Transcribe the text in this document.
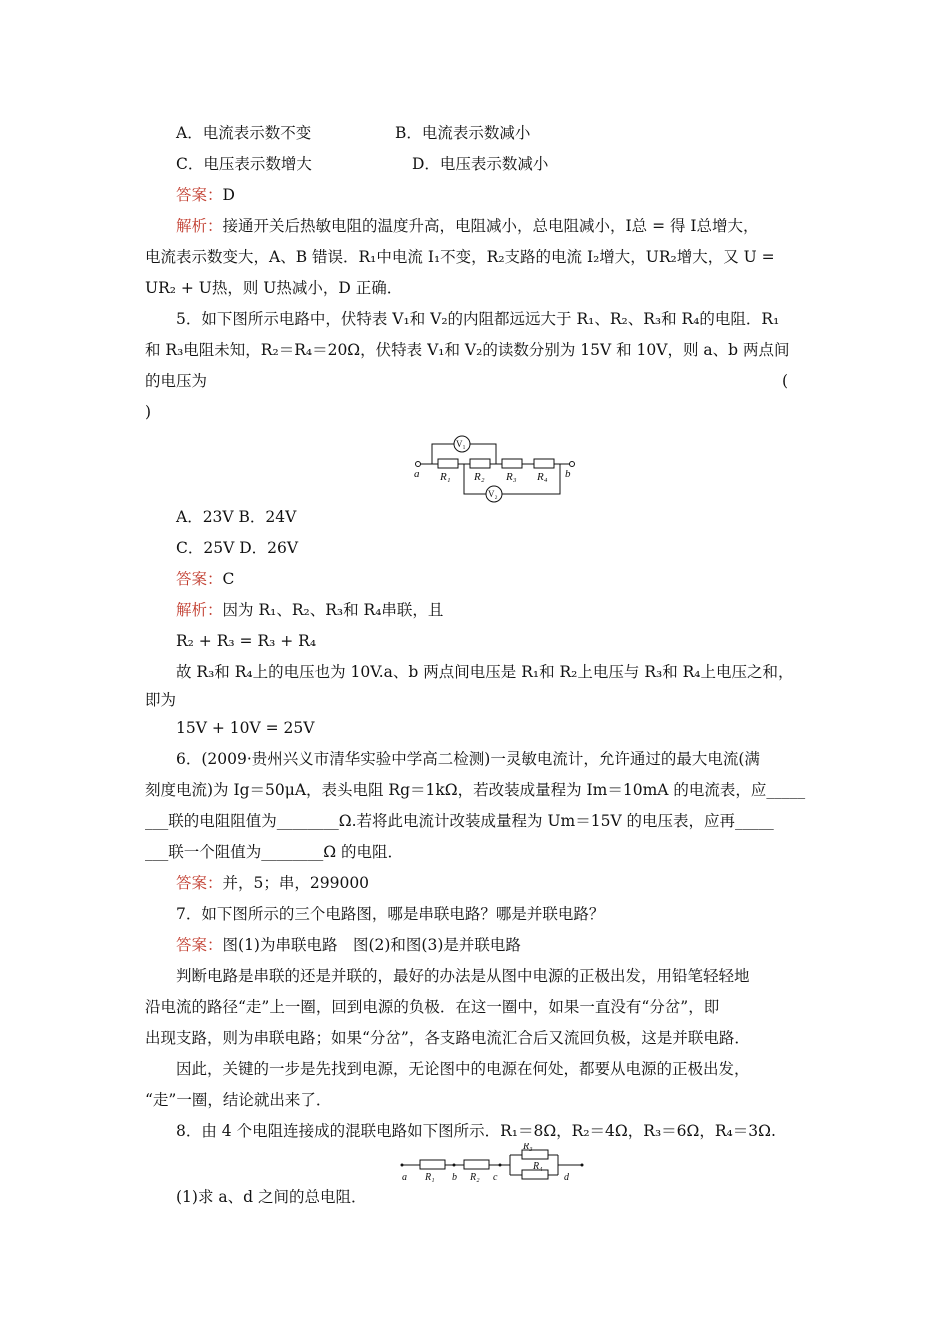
A．电流表示数不变	B．电流表示数减小
C．电压表示数增大	D．电压表示数减小
答案：D
解析：接通开关后热敏电阻的温度升高，电阻减小，总电阻减小，I总 = 得 I总增大，
电流表示数变大，A、B 错误．R₁中电流 I₁不变，R₂支路的电流 I₂增大，UR₂增大，又 U =
UR₂ + U热，则 U热减小，D 正确．
5．如下图所示电路中，伏特表 V₁和 V₂的内阻都远远大于 R₁、R₂、R₃和 R₄的电阻．R₁
和 R₃电阻未知，R₂＝R₄＝20Ω，伏特表 V₁和 V₂的读数分别为 15V 和 10V，则 a、b 两点间
的电压为	(
)
a	b
R₁ R₂ R₃ R₄
V₁
V₂
A．23V B．24V
C．25V D．26V
答案：C
解析：因为 R₁、R₂、R₃和 R₄串联，且
R₂ + R₃ = R₃ + R₄
故 R₃和 R₄上的电压也为 10V.a、b 两点间电压是 R₁和 R₂上电压与 R₃和 R₄上电压之和，
即为
15V + 10V = 25V
6．(2009·贵州兴义市清华实验中学高二检测)一灵敏电流计，允许通过的最大电流(满
刻度电流)为 Ig＝50μA，表头电阻 Rg＝1kΩ，若改装成量程为 Im＝10mA 的电流表，应_____
___联的电阻阻值为________Ω.若将此电流计改装成量程为 Um＝15V 的电压表，应再_____
___联一个阻值为________Ω 的电阻．
答案：并，5；串，299000
7．如下图所示的三个电路图，哪是串联电路？哪是并联电路？
答案：图(1)为串联电路　图(2)和图(3)是并联电路
判断电路是串联的还是并联的，最好的办法是从图中电源的正极出发，用铅笔轻轻地
沿电流的路径“走”上一圈，回到电源的负极．在这一圈中，如果一直没有“分岔”，即
出现支路，则为串联电路；如果“分岔”，各支路电流汇合后又流回负极，这是并联电路．
因此，关键的一步是先找到电源，无论图中的电源在何处，都要从电源的正极出发，
“走”一圈，结论就出来了．
8．由 4 个电阻连接成的混联电路如下图所示．R₁＝8Ω，R₂＝4Ω，R₃＝6Ω，R₄＝3Ω.
a R₁ b R₂ c
R₃
R₄
d
(1)求 a、d 之间的总电阻．
